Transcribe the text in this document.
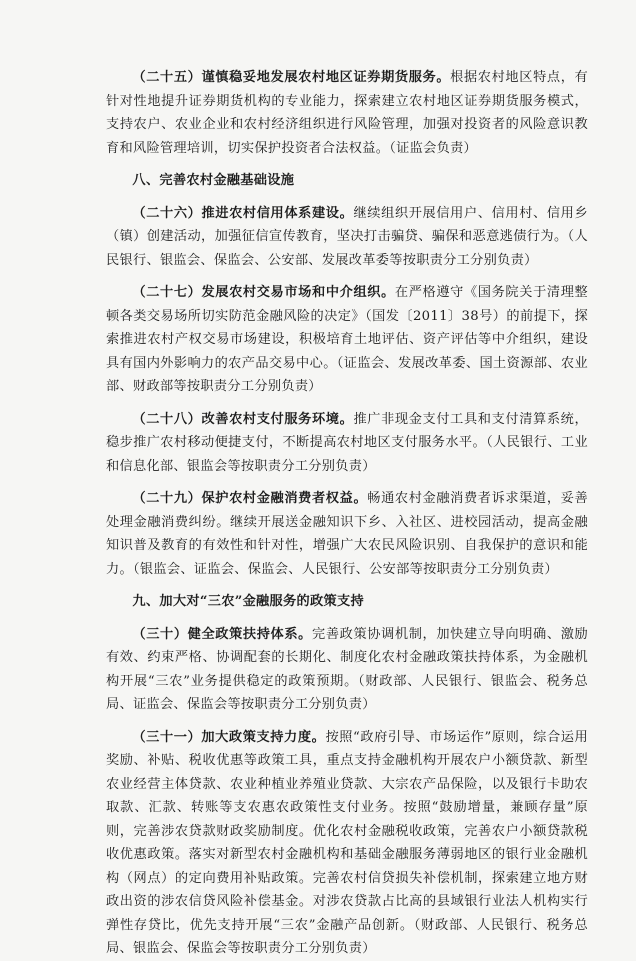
（二十五）谨慎稳妥地发展农村地区证券期货服务。根据农村地区特点，有针对性地提升证券期货机构的专业能力，探索建立农村地区证券期货服务模式，支持农户、农业企业和农村经济组织进行风险管理，加强对投资者的风险意识教育和风险管理培训，切实保护投资者合法权益。（证监会负责）

八、完善农村金融基础设施

（二十六）推进农村信用体系建设。继续组织开展信用户、信用村、信用乡（镇）创建活动，加强征信宣传教育，坚决打击骗贷、骗保和恶意逃债行为。（人民银行、银监会、保监会、公安部、发展改革委等按职责分工分别负责）

（二十七）发展农村交易市场和中介组织。在严格遵守《国务院关于清理整顿各类交易场所切实防范金融风险的决定》（国发〔2011〕38号）的前提下，探索推进农村产权交易市场建设，积极培育土地评估、资产评估等中介组织，建设具有国内外影响力的农产品交易中心。（证监会、发展改革委、国土资源部、农业部、财政部等按职责分工分别负责）

（二十八）改善农村支付服务环境。推广非现金支付工具和支付清算系统，稳步推广农村移动便捷支付，不断提高农村地区支付服务水平。（人民银行、工业和信息化部、银监会等按职责分工分别负责）

（二十九）保护农村金融消费者权益。畅通农村金融消费者诉求渠道，妥善处理金融消费纠纷。继续开展送金融知识下乡、入社区、进校园活动，提高金融知识普及教育的有效性和针对性，增强广大农民风险识别、自我保护的意识和能力。（银监会、证监会、保监会、人民银行、公安部等按职责分工分别负责）

九、加大对“三农”金融服务的政策支持

（三十）健全政策扶持体系。完善政策协调机制，加快建立导向明确、激励有效、约束严格、协调配套的长期化、制度化农村金融政策扶持体系，为金融机构开展“三农”业务提供稳定的政策预期。（财政部、人民银行、银监会、税务总局、证监会、保监会等按职责分工分别负责）

（三十一）加大政策支持力度。按照“政府引导、市场运作”原则，综合运用奖励、补贴、税收优惠等政策工具，重点支持金融机构开展农户小额贷款、新型农业经营主体贷款、农业种植业养殖业贷款、大宗农产品保险，以及银行卡助农取款、汇款、转账等支农惠农政策性支付业务。按照“鼓励增量，兼顾存量”原则，完善涉农贷款财政奖励制度。优化农村金融税收政策，完善农户小额贷款税收优惠政策。落实对新型农村金融机构和基础金融服务薄弱地区的银行业金融机构（网点）的定向费用补贴政策。完善农村信贷损失补偿机制，探索建立地方财政出资的涉农信贷风险补偿基金。对涉农贷款占比高的县域银行业法人机构实行弹性存贷比，优先支持开展“三农”金融产品创新。（财政部、人民银行、税务总局、银监会、保监会等按职责分工分别负责）
